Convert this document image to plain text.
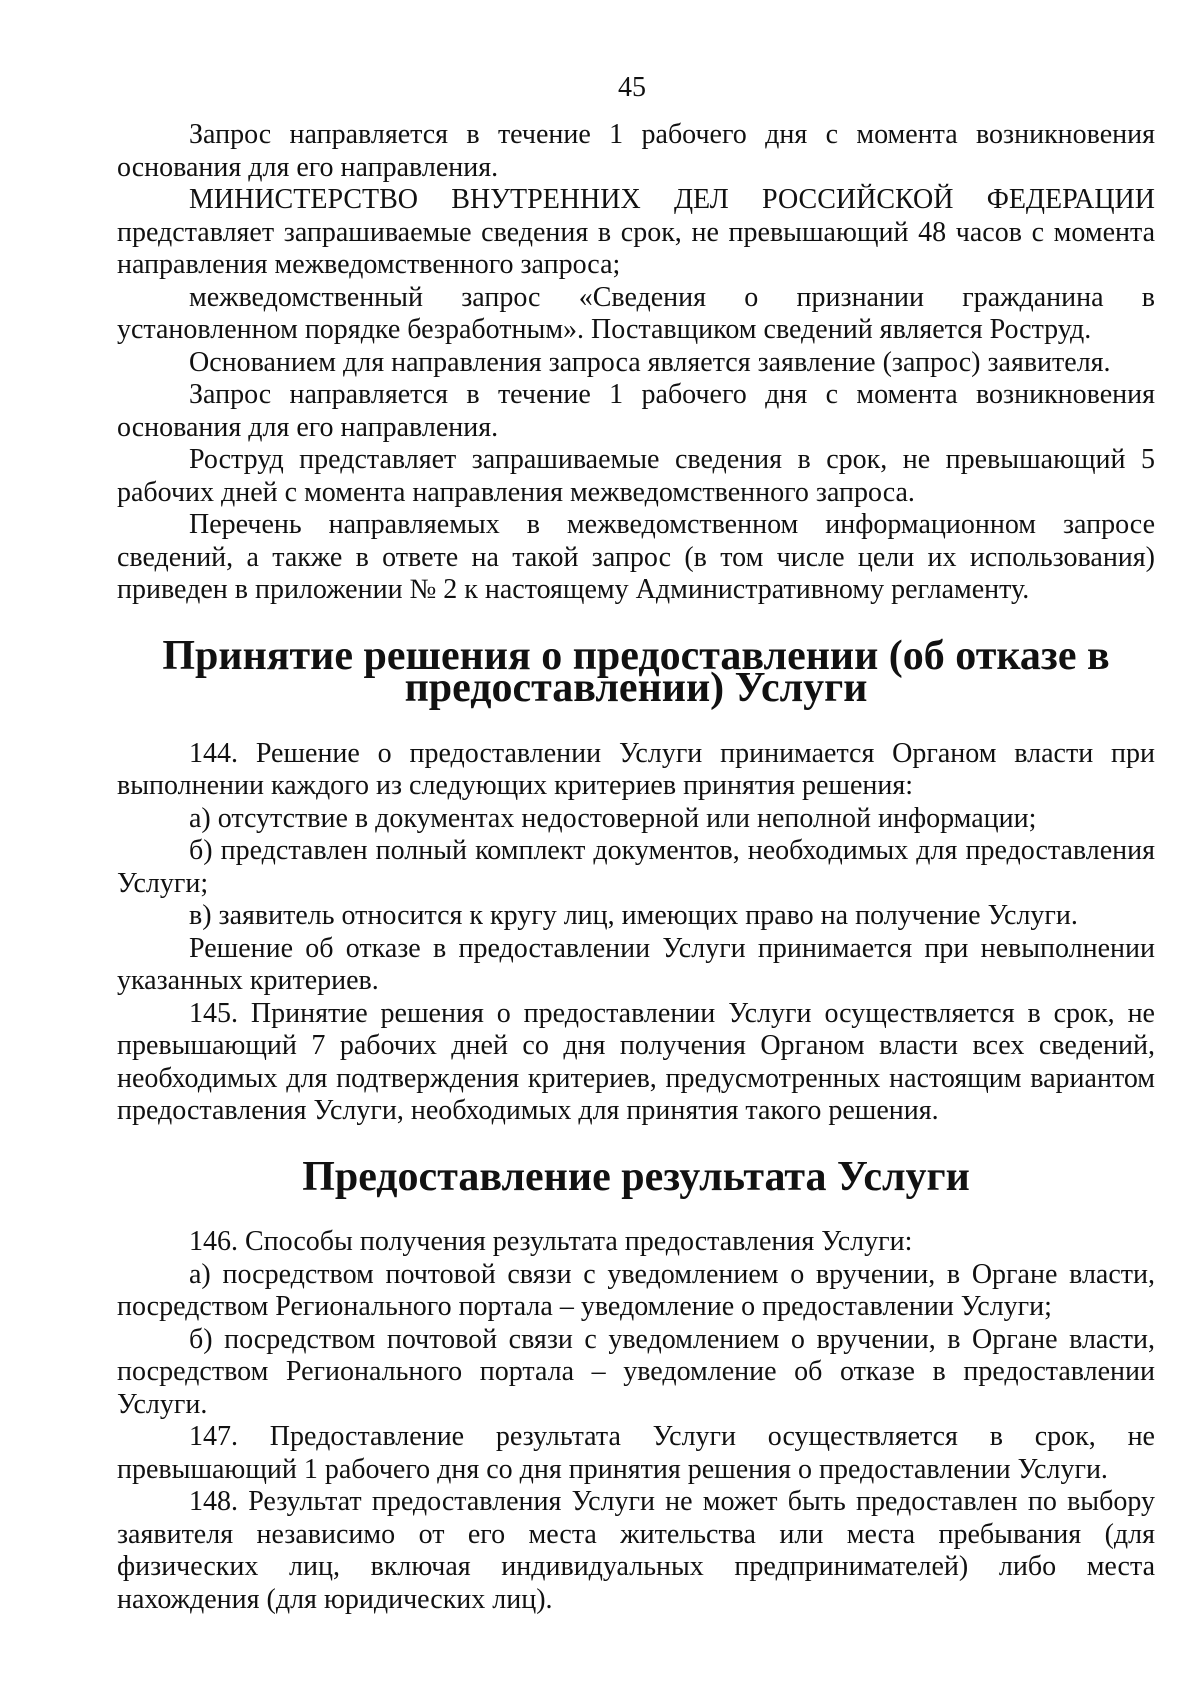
45

Запрос направляется в течение 1 рабочего дня с момента возникновения основания для его направления.

МИНИСТЕРСТВО ВНУТРЕННИХ ДЕЛ РОССИЙСКОЙ ФЕДЕРАЦИИ представляет запрашиваемые сведения в срок, не превышающий 48 часов с момента направления межведомственного запроса;

межведомственный запрос «Сведения о признании гражданина в установленном порядке безработным». Поставщиком сведений является Роструд.

Основанием для направления запроса является заявление (запрос) заявителя.

Запрос направляется в течение 1 рабочего дня с момента возникновения основания для его направления.

Роструд представляет запрашиваемые сведения в срок, не превышающий 5 рабочих дней с момента направления межведомственного запроса.

Перечень направляемых в межведомственном информационном запросе сведений, а также в ответе на такой запрос (в том числе цели их использования) приведен в приложении № 2 к настоящему Административному регламенту.

Принятие решения о предоставлении (об отказе в предоставлении) Услуги

144. Решение о предоставлении Услуги принимается Органом власти при выполнении каждого из следующих критериев принятия решения:

а) отсутствие в документах недостоверной или неполной информации;

б) представлен полный комплект документов, необходимых для предоставления Услуги;

в) заявитель относится к кругу лиц, имеющих право на получение Услуги.

Решение об отказе в предоставлении Услуги принимается при невыполнении указанных критериев.

145. Принятие решения о предоставлении Услуги осуществляется в срок, не превышающий 7 рабочих дней со дня получения Органом власти всех сведений, необходимых для подтверждения критериев, предусмотренных настоящим вариантом предоставления Услуги, необходимых для принятия такого решения.

Предоставление результата Услуги

146. Способы получения результата предоставления Услуги:

а) посредством почтовой связи с уведомлением о вручении, в Органе власти, посредством Регионального портала – уведомление о предоставлении Услуги;

б) посредством почтовой связи с уведомлением о вручении, в Органе власти, посредством Регионального портала – уведомление об отказе в предоставлении Услуги.

147. Предоставление результата Услуги осуществляется в срок, не превышающий 1 рабочего дня со дня принятия решения о предоставлении Услуги.

148. Результат предоставления Услуги не может быть предоставлен по выбору заявителя независимо от его места жительства или места пребывания (для физических лиц, включая индивидуальных предпринимателей) либо места нахождения (для юридических лиц).
